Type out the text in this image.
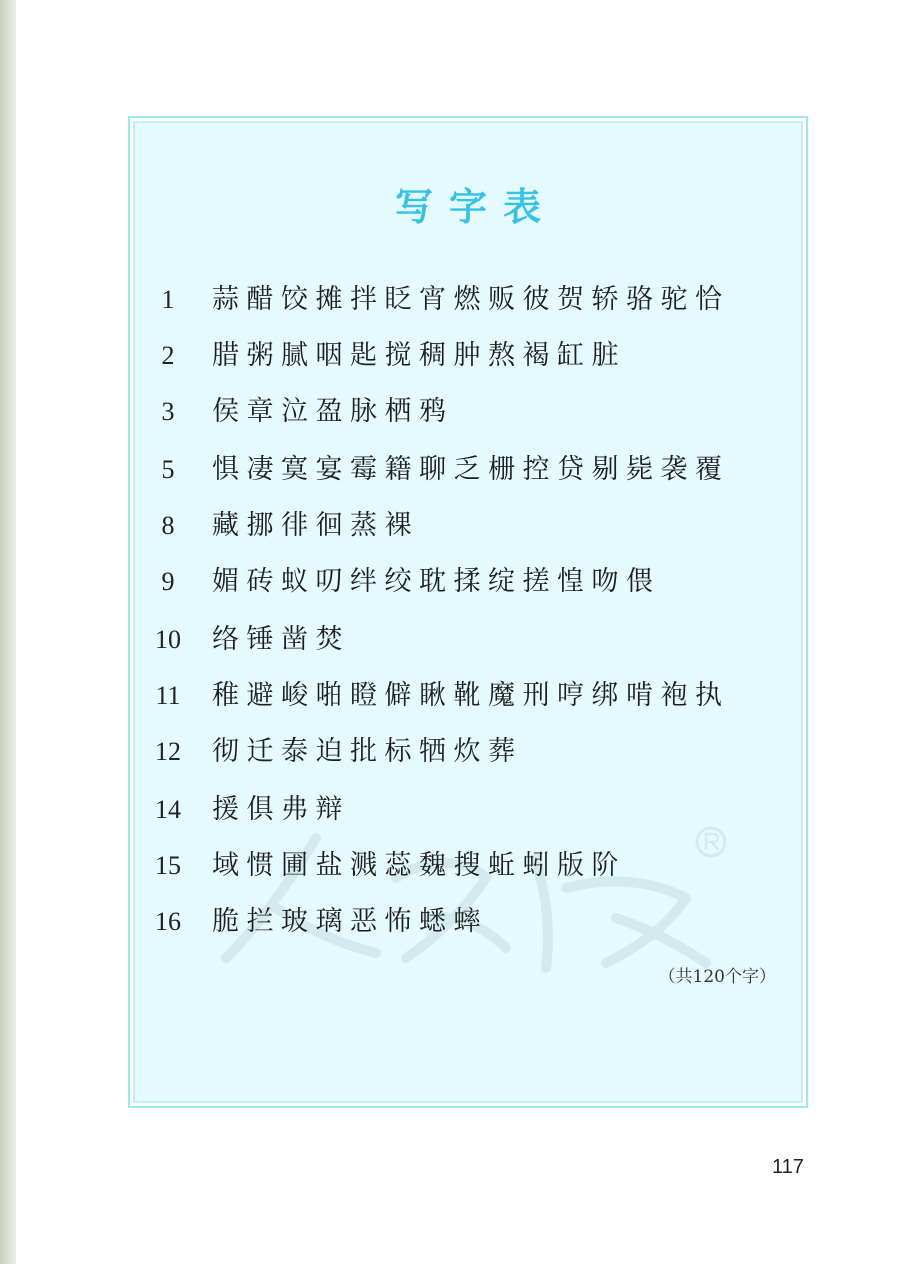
写字表
1	蒜醋饺摊拌眨宵燃贩彼贺轿骆驼恰
2	腊粥腻咽匙搅稠肿熬褐缸脏
3	侯章泣盈脉栖鸦
5	惧凄寞宴霉籍聊乏栅控贷剔毙袭覆
8	藏挪徘徊蒸裸
9	媚砖蚁叨绊绞耽揉绽搓惶吻偎
10	络锤凿焚
11	稚避峻啪瞪僻瞅靴魔刑哼绑啃袍执
12	彻迁泰迫批标牺炊葬
14	援俱弗辩
15	域惯圃盐溅蕊魏搜蚯蚓版阶
16	脆拦玻璃恶怖蟋蟀
（共120个字）
117
